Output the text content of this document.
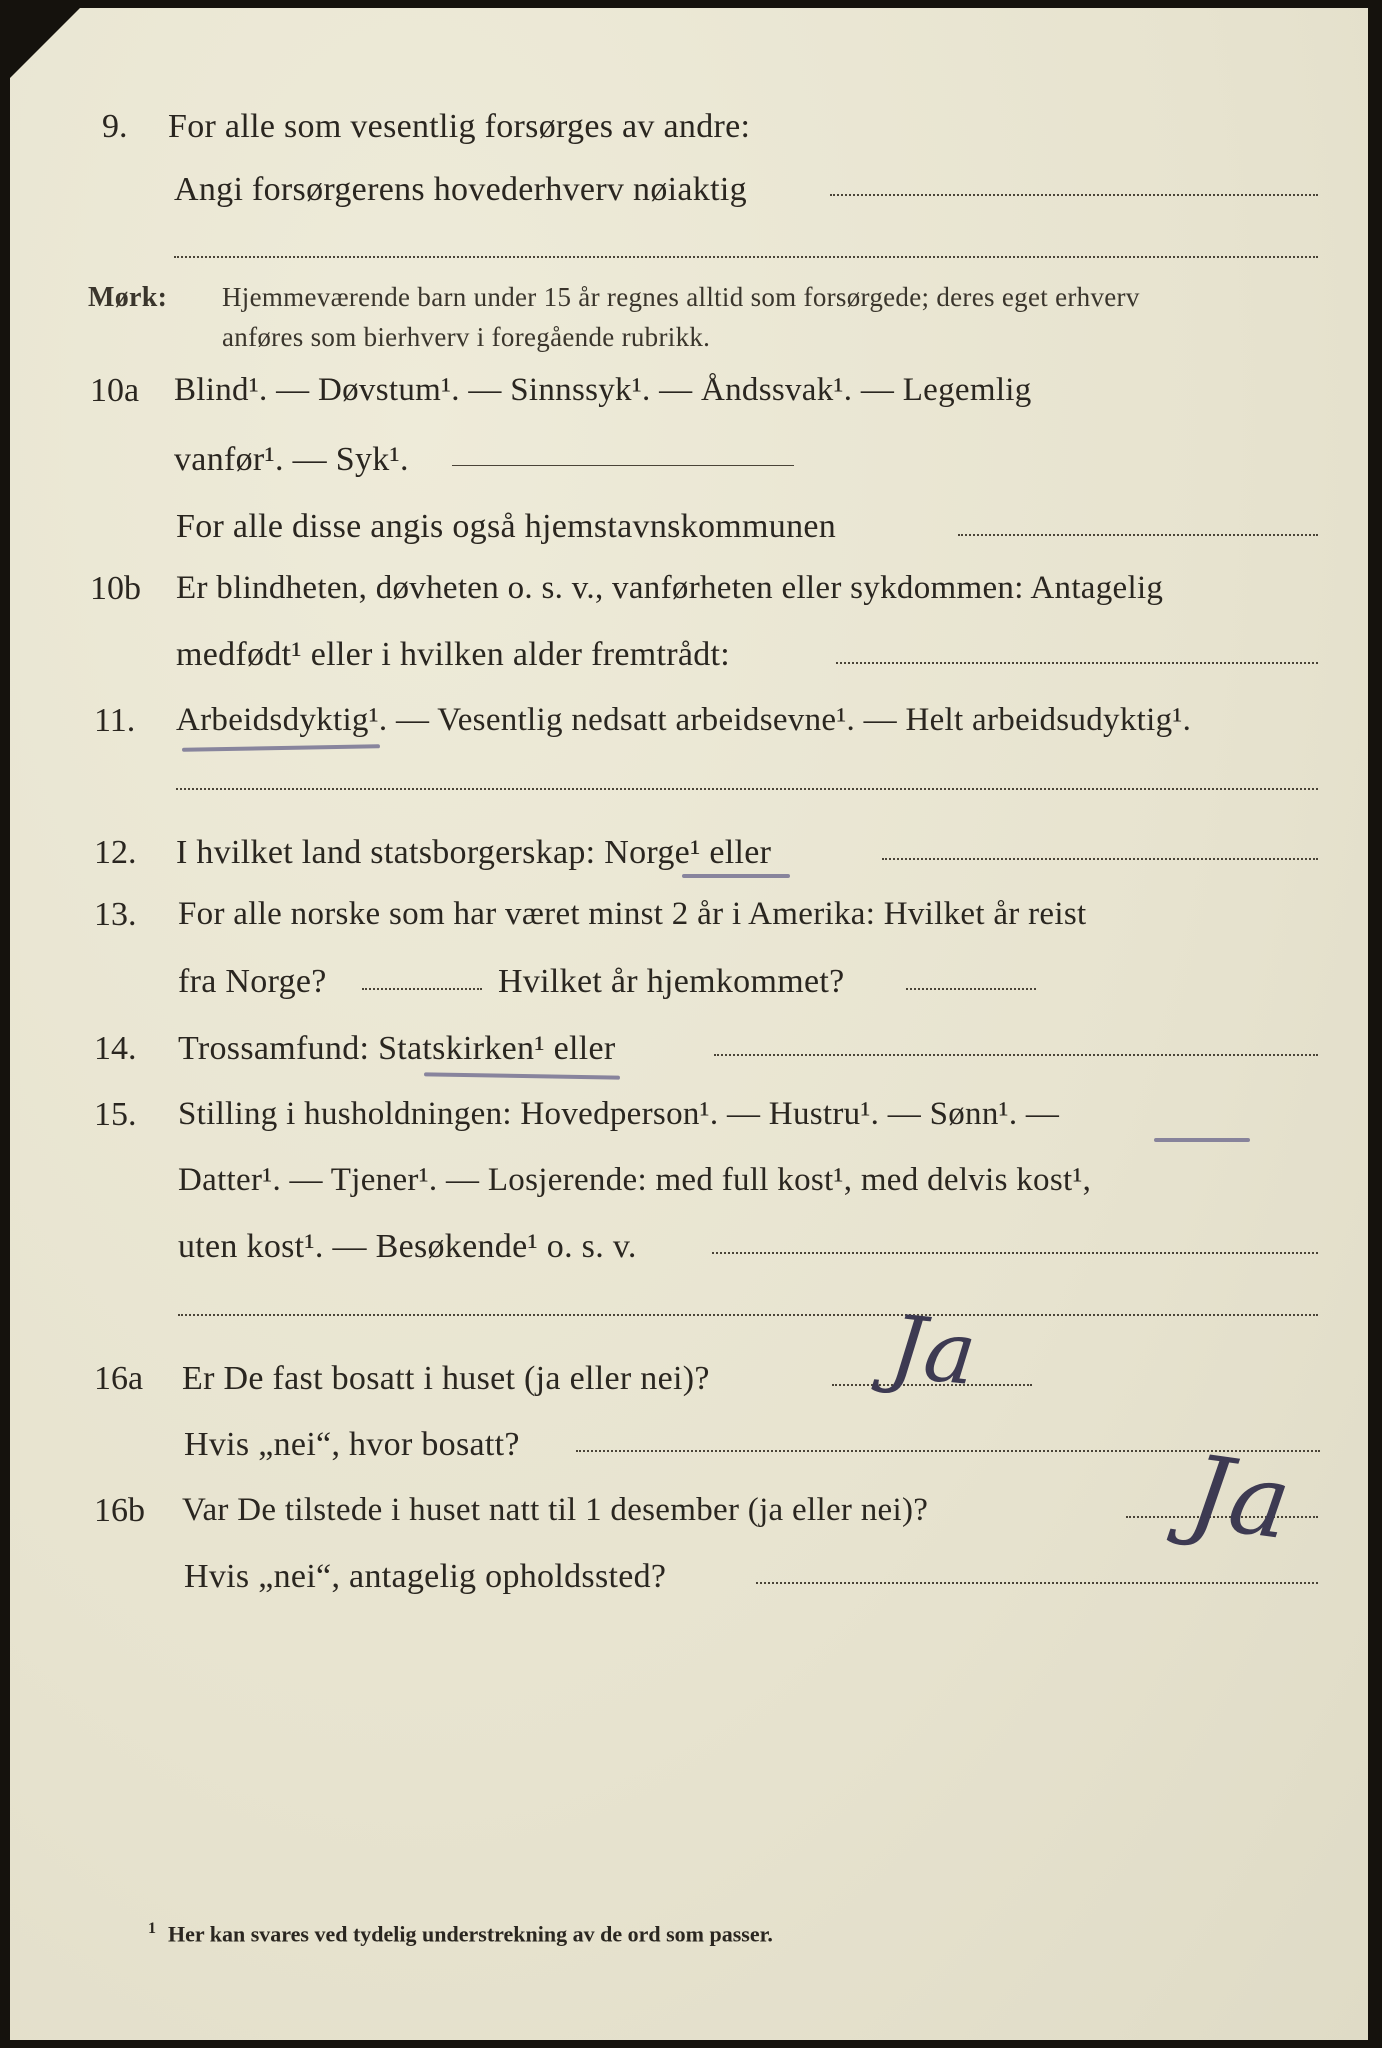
9. For alle som vesentlig forsørges av andre:
Angi forsørgerens hovederhverv nøiaktig
Mørk: Hjemmeværende barn under 15 år regnes alltid som forsørgede; deres eget erhverv
anføres som bierhverv i foregående rubrikk.
10a Blind¹. — Døvstum¹. — Sinnssyk¹. — Åndssvak¹. — Legemlig
vanfør¹. — Syk¹.
For alle disse angis også hjemstavnskommunen
10b Er blindheten, døvheten o. s. v., vanførheten eller sykdommen: Antagelig
medfødt¹ eller i hvilken alder fremtrådt:
11. Arbeidsdyktig¹. — Vesentlig nedsatt arbeidsevne¹. — Helt arbeidsudyktig¹.
12. I hvilket land statsborgerskap: Norge¹ eller
13. For alle norske som har været minst 2 år i Amerika: Hvilket år reist
fra Norge?	Hvilket år hjemkommet?
14. Trossamfund: Statskirken¹ eller
15. Stilling i husholdningen: Hovedperson¹. — Hustru¹. — Sønn¹. —
Datter¹. — Tjener¹. — Losjerende: med full kost¹, med delvis kost¹,
uten kost¹. — Besøkende¹ o. s. v.
16a Er De fast bosatt i huset (ja eller nei)? Ja
Hvis „nei“, hvor bosatt?
16b Var De tilstede i huset natt til 1 desember (ja eller nei)?	Ja
Hvis „nei“, antagelig opholdssted?
$^1$ Her kan svares ved tydelig understrekning av de ord som passer.
